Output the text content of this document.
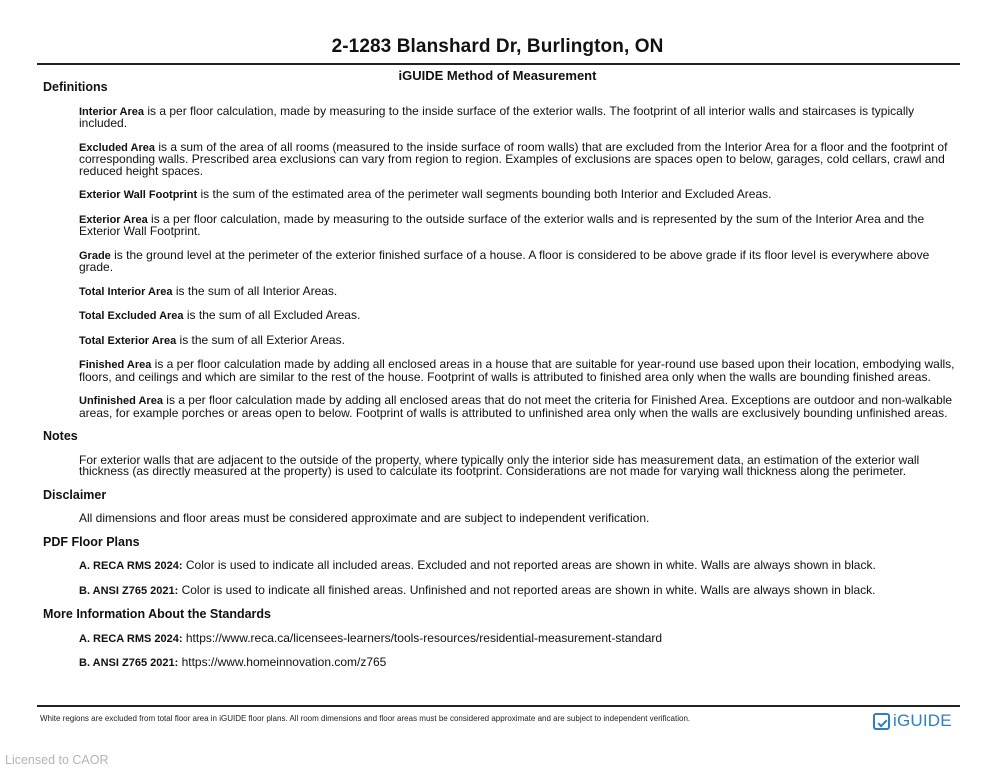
2-1283 Blanshard Dr, Burlington, ON
iGUIDE Method of Measurement

Definitions

Interior Area is a per floor calculation, made by measuring to the inside surface of the exterior walls. The footprint of all interior walls and staircases is typically included.

Excluded Area is a sum of the area of all rooms (measured to the inside surface of room walls) that are excluded from the Interior Area for a floor and the footprint of corresponding walls. Prescribed area exclusions can vary from region to region. Examples of exclusions are spaces open to below, garages, cold cellars, crawl and reduced height spaces.

Exterior Wall Footprint is the sum of the estimated area of the perimeter wall segments bounding both Interior and Excluded Areas.

Exterior Area is a per floor calculation, made by measuring to the outside surface of the exterior walls and is represented by the sum of the Interior Area and the Exterior Wall Footprint.

Grade is the ground level at the perimeter of the exterior finished surface of a house. A floor is considered to be above grade if its floor level is everywhere above grade.

Total Interior Area is the sum of all Interior Areas.

Total Excluded Area is the sum of all Excluded Areas.

Total Exterior Area is the sum of all Exterior Areas.

Finished Area is a per floor calculation made by adding all enclosed areas in a house that are suitable for year-round use based upon their location, embodying walls, floors, and ceilings and which are similar to the rest of the house. Footprint of walls is attributed to finished area only when the walls are bounding finished areas.

Unfinished Area is a per floor calculation made by adding all enclosed areas that do not meet the criteria for Finished Area. Exceptions are outdoor and non-walkable areas, for example porches or areas open to below. Footprint of walls is attributed to unfinished area only when the walls are exclusively bounding unfinished areas.

Notes

For exterior walls that are adjacent to the outside of the property, where typically only the interior side has measurement data, an estimation of the exterior wall thickness (as directly measured at the property) is used to calculate its footprint. Considerations are not made for varying wall thickness along the perimeter.

Disclaimer

All dimensions and floor areas must be considered approximate and are subject to independent verification.

PDF Floor Plans

A. RECA RMS 2024: Color is used to indicate all included areas. Excluded and not reported areas are shown in white. Walls are always shown in black.

B. ANSI Z765 2021: Color is used to indicate all finished areas. Unfinished and not reported areas are shown in white. Walls are always shown in black.

More Information About the Standards

A. RECA RMS 2024: https://www.reca.ca/licensees-learners/tools-resources/residential-measurement-standard

B. ANSI Z765 2021: https://www.homeinnovation.com/z765

White regions are excluded from total floor area in iGUIDE floor plans. All room dimensions and floor areas must be considered approximate and are subject to independent verification.	iGUIDE
Licensed to CAOR
